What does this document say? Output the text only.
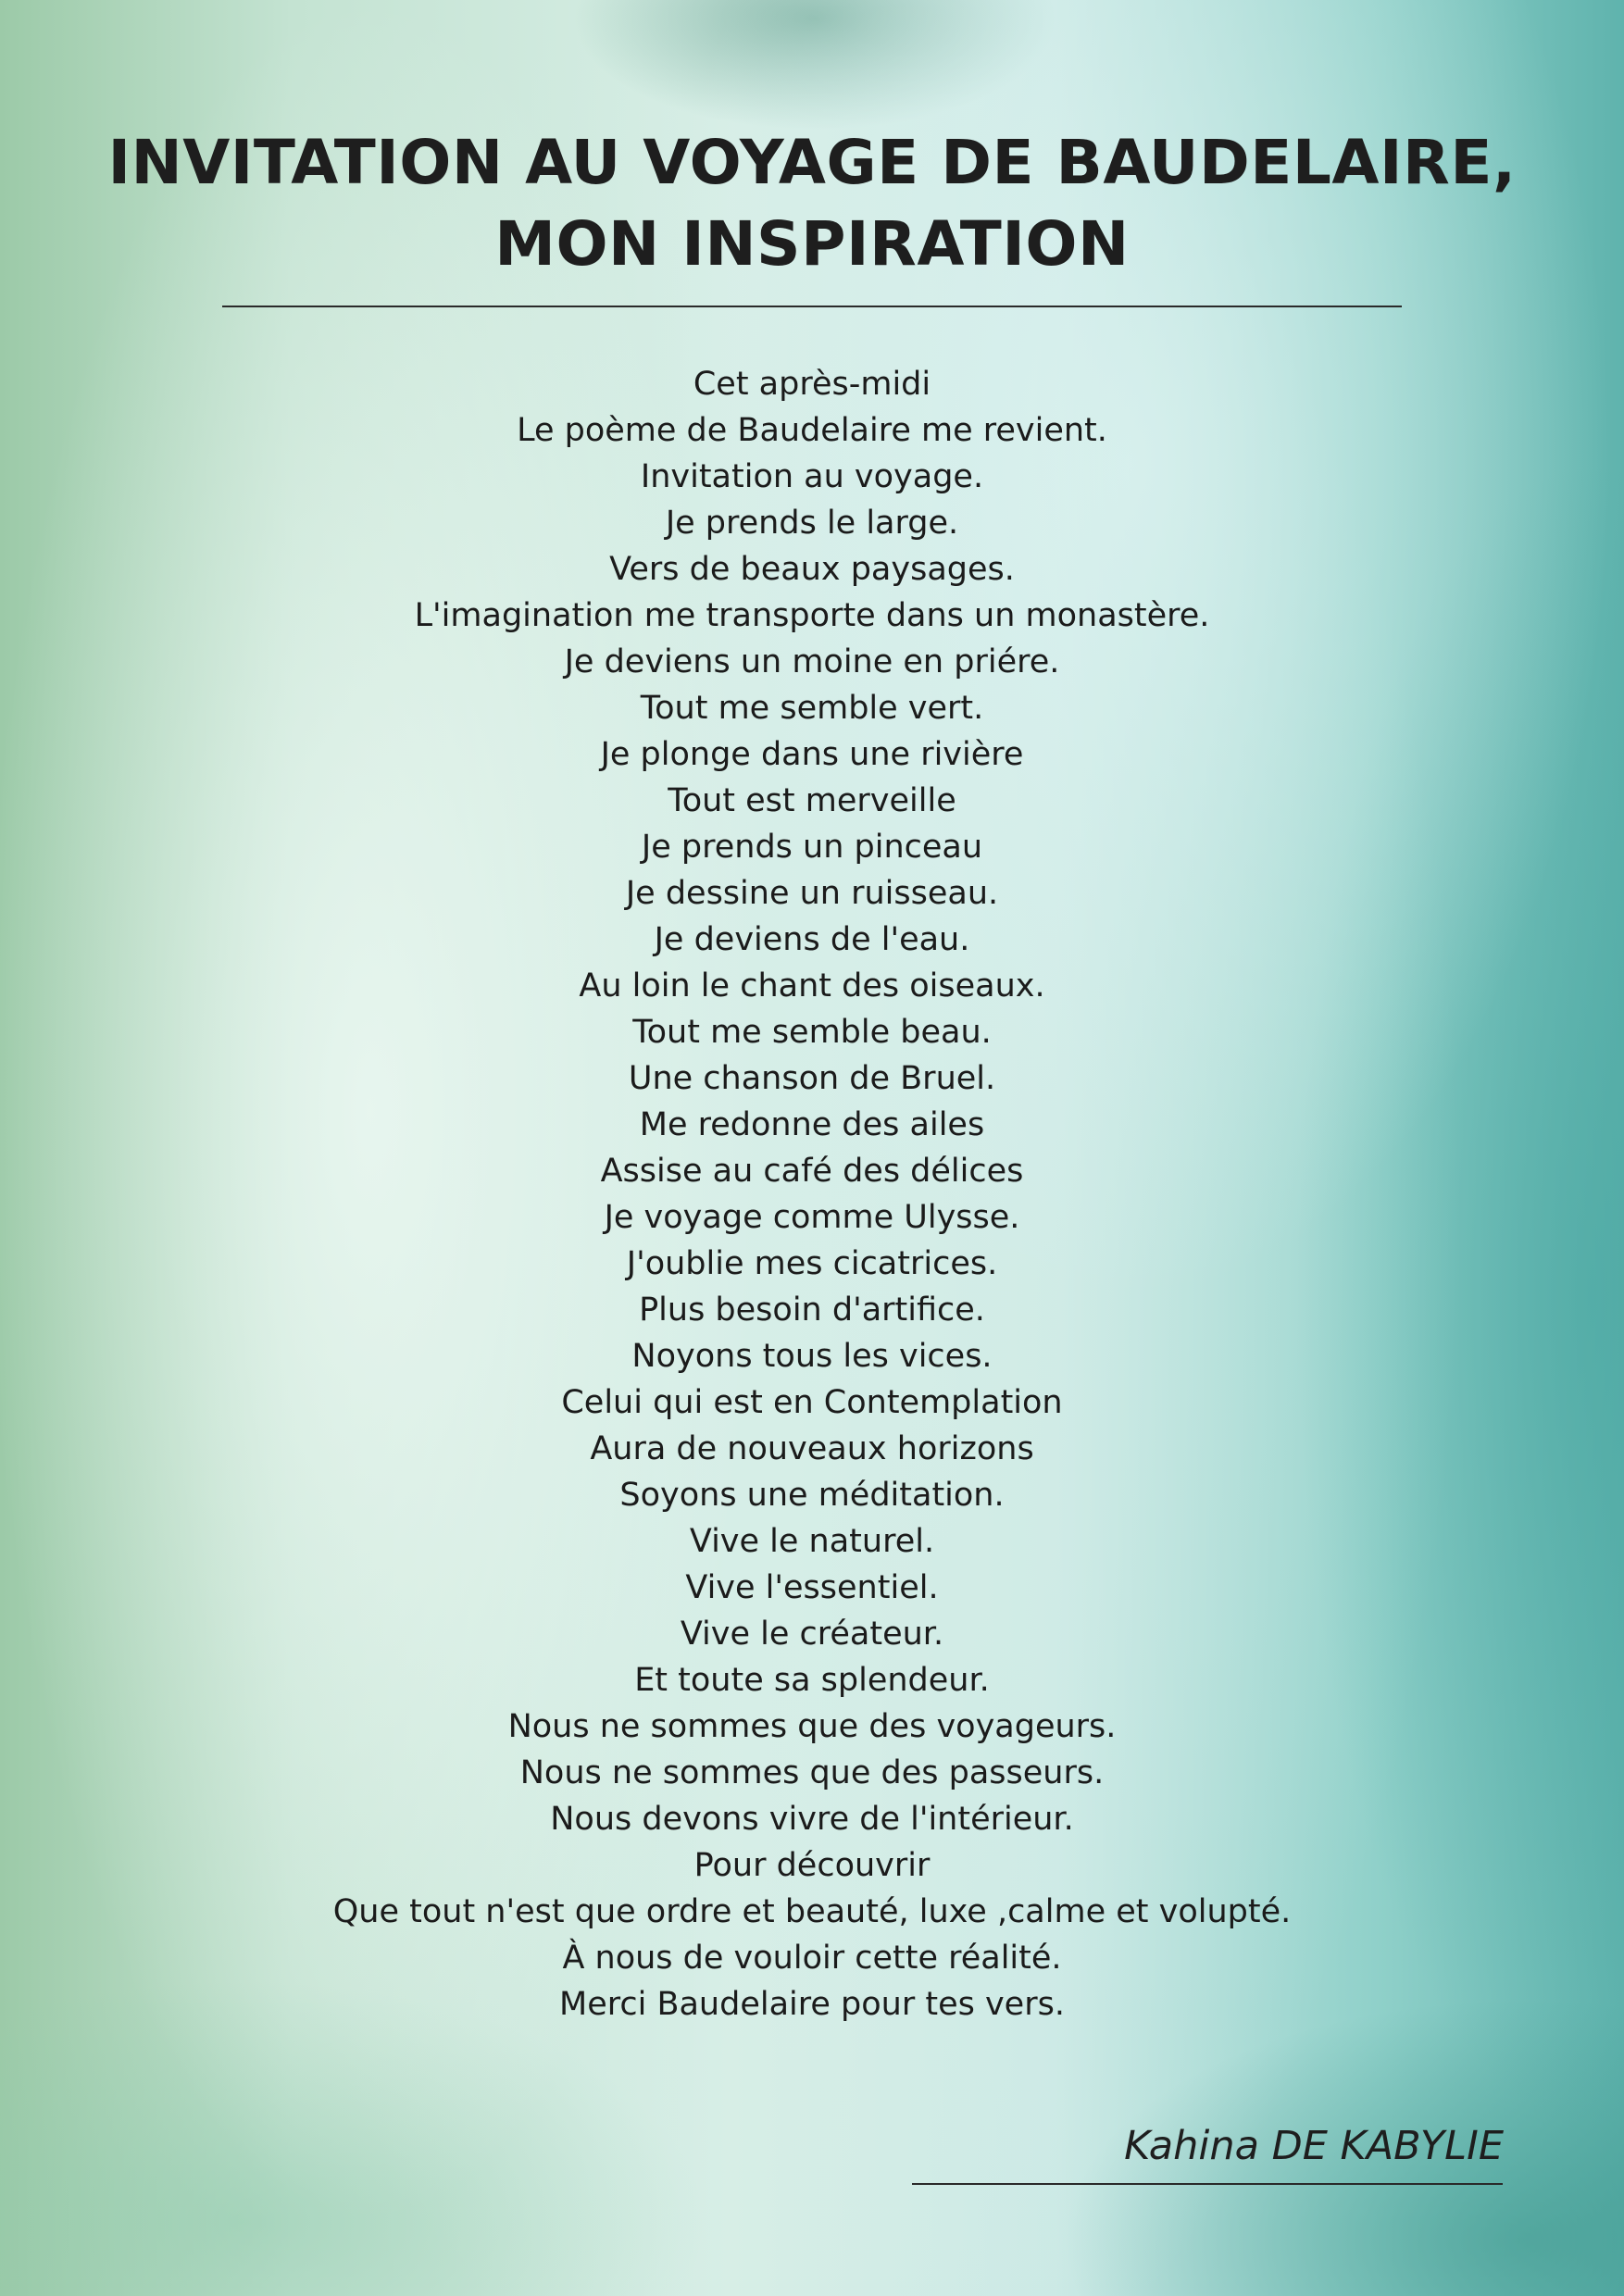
INVITATION AU VOYAGE DE BAUDELAIRE,
MON INSPIRATION
Cet après-midi
Le poème de Baudelaire me revient.
Invitation au voyage.
Je prends le large.
Vers de beaux paysages.
L'imagination me transporte dans un monastère.
Je deviens un moine en priére.
Tout me semble vert.
Je plonge dans une rivière
Tout est merveille
Je prends un pinceau
Je dessine un ruisseau.
Je deviens de l'eau.
Au loin le chant des oiseaux.
Tout me semble beau.
Une chanson de Bruel.
Me redonne des ailes
Assise au café des délices
Je voyage comme Ulysse.
J'oublie mes cicatrices.
Plus besoin d'artifice.
Noyons tous les vices.
Celui qui est en Contemplation
Aura de nouveaux horizons
Soyons une méditation.
Vive le naturel.
Vive l'essentiel.
Vive le créateur.
Et toute sa splendeur.
Nous ne sommes que des voyageurs.
Nous ne sommes que des passeurs.
Nous devons vivre de l'intérieur.
Pour découvrir
Que tout n'est que ordre et beauté, luxe ,calme et volupté.
À nous de vouloir cette réalité.
Merci Baudelaire pour tes vers.
Kahina DE KABYLIE
